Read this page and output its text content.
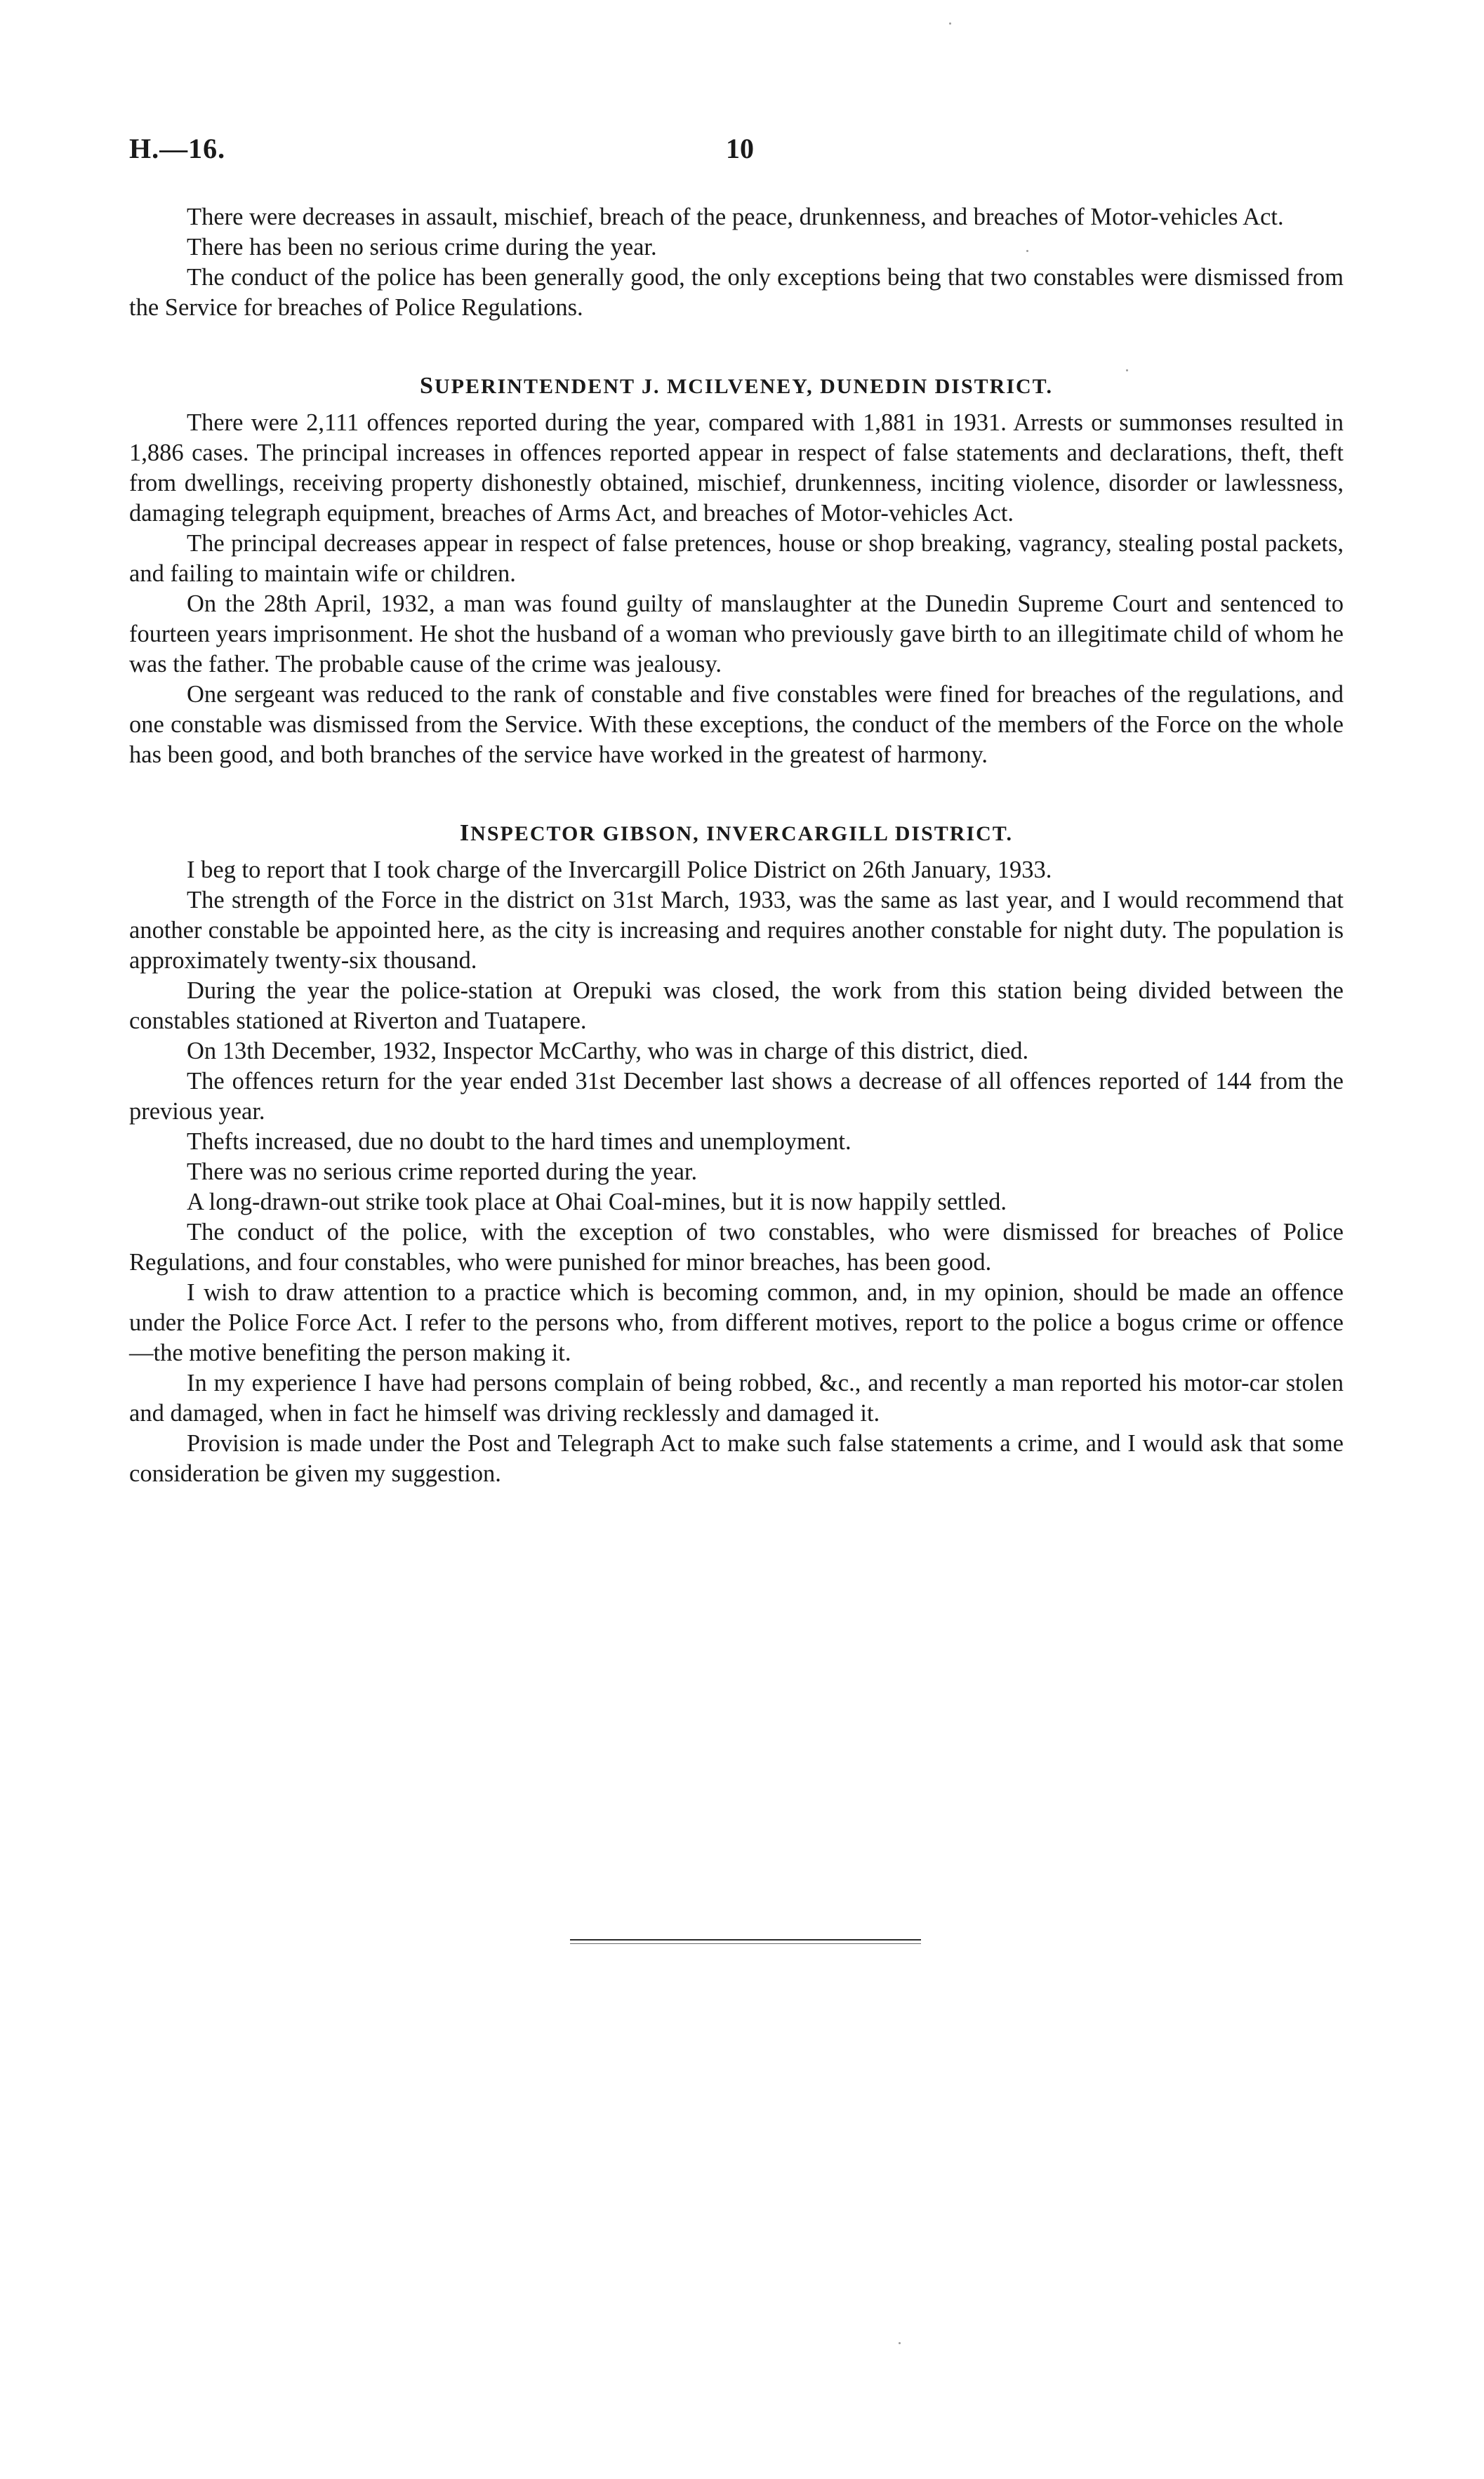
H.—16.	10

There were decreases in assault, mischief, breach of the peace, drunkenness, and breaches of Motor-vehicles Act.

There has been no serious crime during the year.

The conduct of the police has been generally good, the only exceptions being that two constables were dismissed from the Service for breaches of Police Regulations.

SUPERINTENDENT J. MCILVENEY, DUNEDIN DISTRICT.

There were 2,111 offences reported during the year, compared with 1,881 in 1931. Arrests or summonses resulted in 1,886 cases. The principal increases in offences reported appear in respect of false statements and declarations, theft, theft from dwellings, receiving property dishonestly obtained, mischief, drunkenness, inciting violence, disorder or lawlessness, damaging telegraph equipment, breaches of Arms Act, and breaches of Motor-vehicles Act.

The principal decreases appear in respect of false pretences, house or shop breaking, vagrancy, stealing postal packets, and failing to maintain wife or children.

On the 28th April, 1932, a man was found guilty of manslaughter at the Dunedin Supreme Court and sentenced to fourteen years imprisonment. He shot the husband of a woman who previously gave birth to an illegitimate child of whom he was the father. The probable cause of the crime was jealousy.

One sergeant was reduced to the rank of constable and five constables were fined for breaches of the regulations, and one constable was dismissed from the Service. With these exceptions, the conduct of the members of the Force on the whole has been good, and both branches of the service have worked in the greatest of harmony.

INSPECTOR GIBSON, INVERCARGILL DISTRICT.

I beg to report that I took charge of the Invercargill Police District on 26th January, 1933.

The strength of the Force in the district on 31st March, 1933, was the same as last year, and I would recommend that another constable be appointed here, as the city is increasing and requires another constable for night duty. The population is approximately twenty-six thousand.

During the year the police-station at Orepuki was closed, the work from this station being divided between the constables stationed at Riverton and Tuatapere.

On 13th December, 1932, Inspector McCarthy, who was in charge of this district, died.

The offences return for the year ended 31st December last shows a decrease of all offences reported of 144 from the previous year.

Thefts increased, due no doubt to the hard times and unemployment.

There was no serious crime reported during the year.

A long-drawn-out strike took place at Ohai Coal-mines, but it is now happily settled.

The conduct of the police, with the exception of two constables, who were dismissed for breaches of Police Regulations, and four constables, who were punished for minor breaches, has been good.

I wish to draw attention to a practice which is becoming common, and, in my opinion, should be made an offence under the Police Force Act. I refer to the persons who, from different motives, report to the police a bogus crime or offence—the motive benefiting the person making it.

In my experience I have had persons complain of being robbed, &c., and recently a man reported his motor-car stolen and damaged, when in fact he himself was driving recklessly and damaged it.

Provision is made under the Post and Telegraph Act to make such false statements a crime, and I would ask that some consideration be given my suggestion.
